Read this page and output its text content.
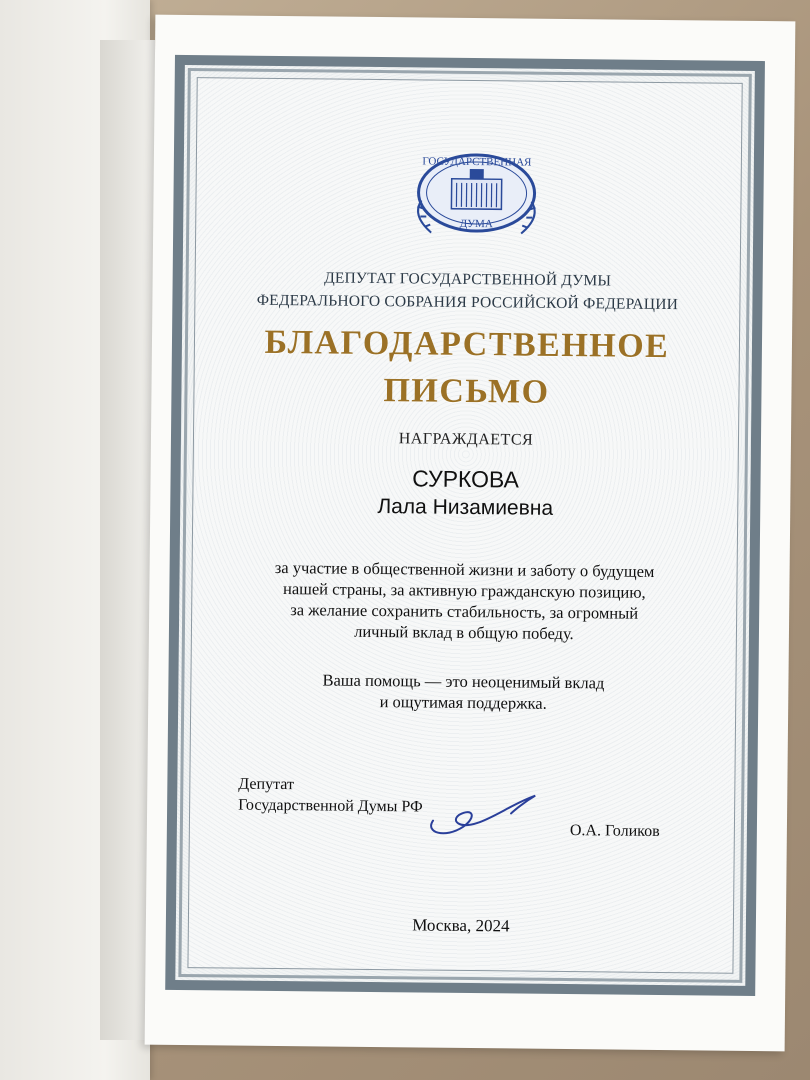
ГОСУДАРСТВЕННАЯ
ДУМА
ДЕПУТАТ ГОСУДАРСТВЕННОЙ ДУМЫ
ФЕДЕРАЛЬНОГО СОБРАНИЯ РОССИЙСКОЙ ФЕДЕРАЦИИ
БЛАГОДАРСТВЕННОЕ
ПИСЬМО
НАГРАЖДАЕТСЯ
СУРКОВА
Лала Низамиевна
за участие в общественной жизни и заботу о будущем
нашей страны, за активную гражданскую позицию,
за желание сохранить стабильность, за огромный
личный вклад в общую победу.
Ваша помощь — это неоценимый вклад
и ощутимая поддержка.
Депутат
Государственной Думы РФ
О.А. Голиков
Москва, 2024
